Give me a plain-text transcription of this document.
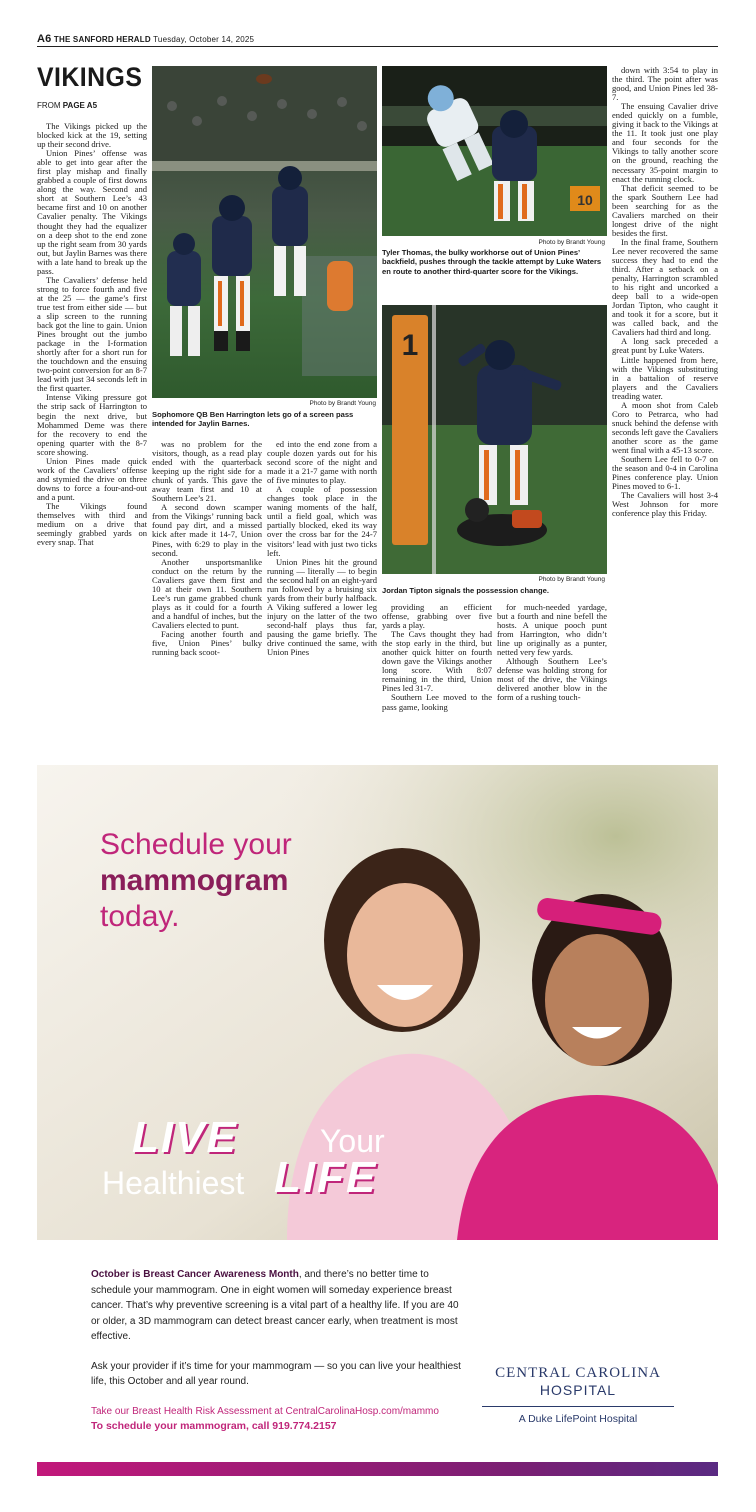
A6 THE SANFORD HERALD Tuesday, October 14, 2025
VIKINGS
FROM PAGE A5

The Vikings picked up the blocked kick at the 19, setting up their second drive.

Union Pines’ offense was able to get into gear after the first play mishap and finally grabbed a couple of first downs along the way. Second and short at Southern Lee’s 43 became first and 10 on another Cavalier penalty. The Vikings thought they had the equalizer on a deep shot to the end zone up the right seam from 30 yards out, but Jaylin Barnes was there with a late hand to break up the pass.

The Cavaliers’ defense held strong to force fourth and five at the 25 — the game’s first true test from either side — but a slip screen to the running back got the line to gain. Union Pines brought out the jumbo package in the I-formation shortly after for a short run for the touchdown and the ensuing two-point conversion for an 8-7 lead with just 34 seconds left in the first quarter.

Intense Viking pressure got the strip sack of Harrington to begin the next drive, but Mohammed Deme was there for the recovery to end the opening quarter with the 8-7 score showing.

Union Pines made quick work of the Cavaliers’ offense and stymied the drive on three downs to force a four-and-out and a punt.

The Vikings found themselves with third and medium on a drive that seemingly grabbed yards on every snap. That

was no problem for the visitors, though, as a read play ended with the quarterback keeping up the right side for a chunk of yards. This gave the away team first and 10 at Southern Lee’s 21.

A second down scamper from the Vikings’ running back found pay dirt, and a missed kick after made it 14-7, Union Pines, with 6:29 to play in the second.

Another unsportsmanlike conduct on the return by the Cavaliers gave them first and 10 at their own 11. Southern Lee’s run game grabbed chunk plays as it could for a fourth and a handful of inches, but the Cavaliers elected to punt.

Facing another fourth and five, Union Pines’ bulky running back scoot-

ed into the end zone from a couple dozen yards out for his second score of the night and made it a 21-7 game with north of five minutes to play.

A couple of possession changes took place in the waning moments of the half, until a field goal, which was partially blocked, eked its way over the cross bar for the 24-7 visitors’ lead with just two ticks left.

Union Pines hit the ground running — literally — to begin the second half on an eight-yard run followed by a bruising six yards from their burly halfback. A Viking suffered a lower leg injury on the latter of the two second-half plays thus far, pausing the game briefly. The drive continued the same, with Union Pines

providing an efficient offense, grabbing over five yards a play.

The Cavs thought they had the stop early in the third, but another quick hitter on fourth down gave the Vikings another long score. With 8:07 remaining in the third, Union Pines led 31-7.

Southern Lee moved to the pass game, looking

for much-needed yardage, but a fourth and nine befell the hosts. A unique pooch punt from Harrington, who didn’t line up originally as a punter, netted very few yards.

Although Southern Lee’s defense was holding strong for most of the drive, the Vikings delivered another blow in the form of a rushing touch-

down with 3:54 to play in the third. The point after was good, and Union Pines led 38-7.

The ensuing Cavalier drive ended quickly on a fumble, giving it back to the Vikings at the 11. It took just one play and four seconds for the Vikings to tally another score on the ground, reaching the necessary 35-point margin to enact the running clock.

That deficit seemed to be the spark Southern Lee had been searching for as the Cavaliers marched on their longest drive of the night besides the first.

In the final frame, Southern Lee never recovered the same success they had to end the third. After a setback on a penalty, Harrington scrambled to his right and uncorked a deep ball to a wide-open Jordan Tipton, who caught it and took it for a score, but it was called back, and the Cavaliers had third and long.

A long sack preceded a great punt by Luke Waters.

Little happened from here, with the Vikings substituting in a battalion of reserve players and the Cavaliers treading water.

A moon shot from Caleb Coro to Petrarca, who had snuck behind the defense with seconds left gave the Cavaliers another score as the game went final with a 45-13 score.

Southern Lee fell to 0-7 on the season and 0-4 in Carolina Pines conference play. Union Pines moved to 6-1.

The Cavaliers will host 3-4 West Johnson for more conference play this Friday.

Photo by Brandt Young
Sophomore QB Ben Harrington lets go of a screen pass intended for Jaylin Barnes.
10
Photo by Brandt Young
Tyler Thomas, the bulky workhorse out of Union Pines’ backfield, pushes through the tackle attempt by Luke Waters en route to another third-quarter score for the Vikings.
1
Photo by Brandt Young
Jordan Tipton signals the possession change.
Schedule your
mammogram
today.
LIVE	Your
Healthiest LIFE

October is Breast Cancer Awareness Month, and there’s no better time to schedule your mammogram. One in eight women will someday experience breast cancer. That’s why preventive screening is a vital part of a healthy life. If you are 40 or older, a 3D mammogram can detect breast cancer early, when treatment is most effective.

Ask your provider if it’s time for your mammogram — so you can live your healthiest life, this October and all year round.

Take our Breast Health Risk Assessment at CentralCarolinaHosp.com/mammo
To schedule your mammogram, call 919.774.2157
CENTRAL CAROLINA
HOSPITAL
A Duke LifePoint Hospital
